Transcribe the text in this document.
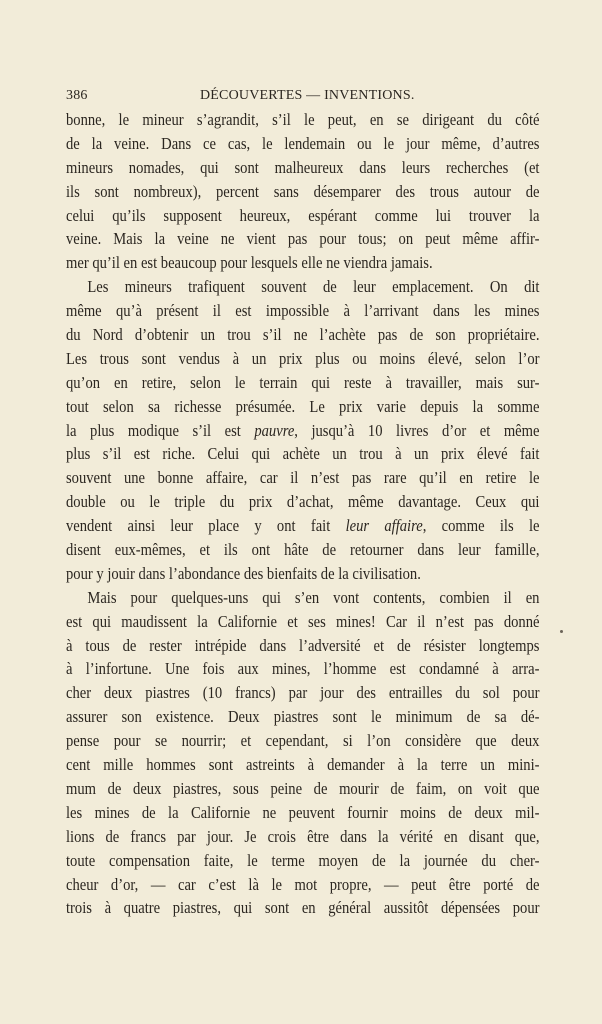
386	DÉCOUVERTES — INVENTIONS.
bonne, le mineur s’agrandit, s’il le peut, en se dirigeant du côté
de la veine. Dans ce cas, le lendemain ou le jour même, d’autres
mineurs nomades, qui sont malheureux dans leurs recherches (et
ils sont nombreux), percent sans désemparer des trous autour de
celui qu’ils supposent heureux, espérant comme lui trouver la
veine. Mais la veine ne vient pas pour tous; on peut même affir-
mer qu’il en est beaucoup pour lesquels elle ne viendra jamais.
Les mineurs trafiquent souvent de leur emplacement. On dit
même qu’à présent il est impossible à l’arrivant dans les mines
du Nord d’obtenir un trou s’il ne l’achète pas de son propriétaire.
Les trous sont vendus à un prix plus ou moins élevé, selon l’or
qu’on en retire, selon le terrain qui reste à travailler, mais sur-
tout selon sa richesse présumée. Le prix varie depuis la somme
la plus modique s’il est pauvre, jusqu’à 10 livres d’or et même
plus s’il est riche. Celui qui achète un trou à un prix élevé fait
souvent une bonne affaire, car il n’est pas rare qu’il en retire le
double ou le triple du prix d’achat, même davantage. Ceux qui
vendent ainsi leur place y ont fait leur affaire, comme ils le
disent eux-mêmes, et ils ont hâte de retourner dans leur famille,
pour y jouir dans l’abondance des bienfaits de la civilisation.
Mais pour quelques-uns qui s’en vont contents, combien il en
est qui maudissent la Californie et ses mines! Car il n’est pas donné
à tous de rester intrépide dans l’adversité et de résister longtemps
à l’infortune. Une fois aux mines, l’homme est condamné à arra-
cher deux piastres (10 francs) par jour des entrailles du sol pour
assurer son existence. Deux piastres sont le minimum de sa dé-
pense pour se nourrir; et cependant, si l’on considère que deux
cent mille hommes sont astreints à demander à la terre un mini-
mum de deux piastres, sous peine de mourir de faim, on voit que
les mines de la Californie ne peuvent fournir moins de deux mil-
lions de francs par jour. Je crois être dans la vérité en disant que,
toute compensation faite, le terme moyen de la journée du cher-
cheur d’or, — car c’est là le mot propre, — peut être porté de
trois à quatre piastres, qui sont en général aussitôt dépensées pour
